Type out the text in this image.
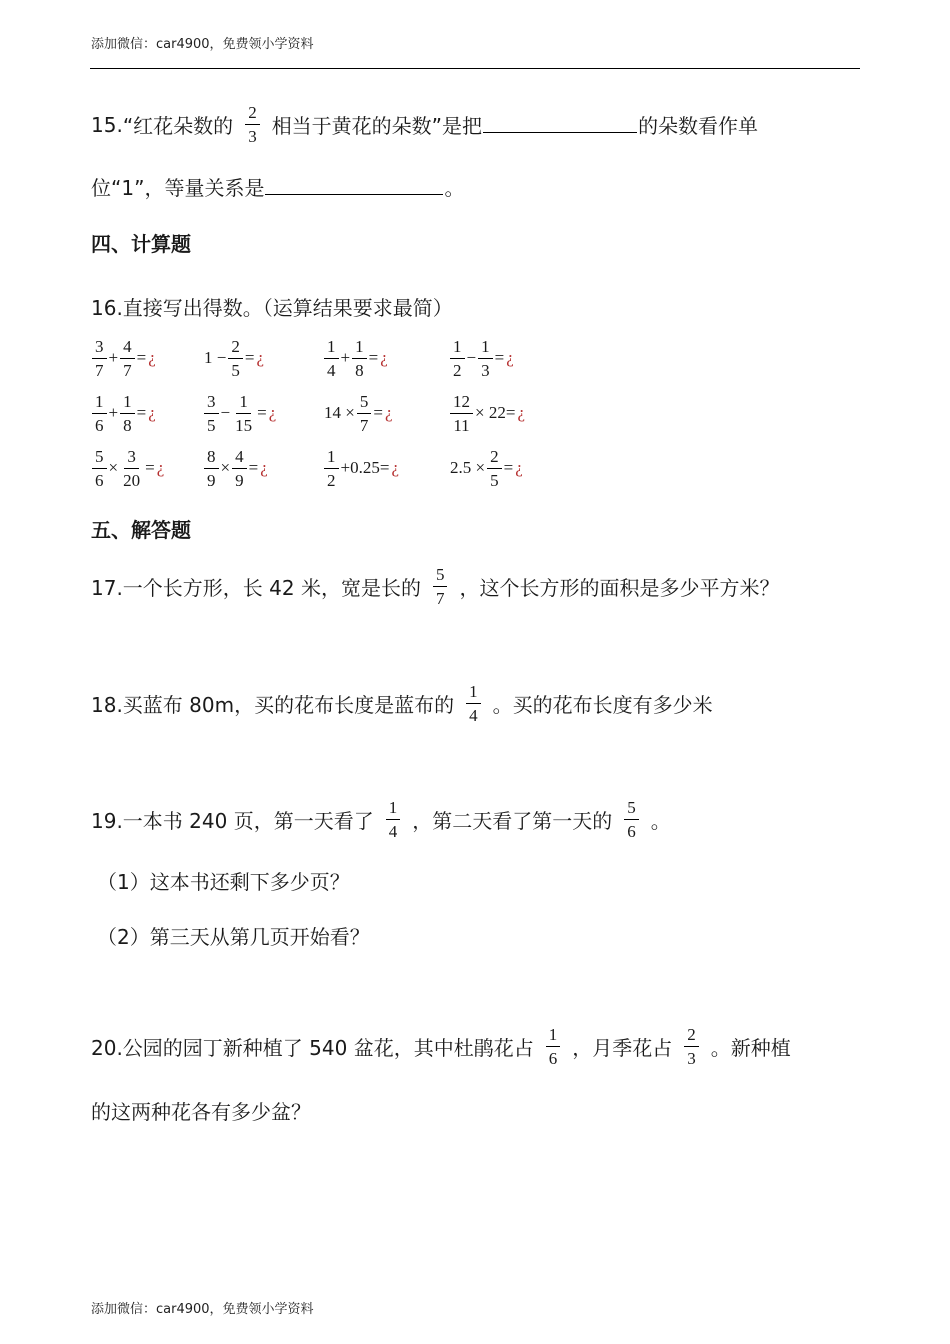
添加微信：car4900，免费领小学资料
15. “红花朵数的 $\frac{2}{3}$ 相当于黄花的朵数”是把	的朵数看作单
位“1”，等量关系是	。
四、计算题
16.直接写出得数。（运算结果要求最简）
$\frac{3}{7} + \frac{4}{7}$ = ¿	$1 - \frac{2}{5}$ = ¿	$\frac{1}{4} + \frac{1}{8}$ = ¿	$\frac{1}{2} - \frac{1}{3}$ = ¿
$\frac{1}{6} + \frac{1}{8}$ = ¿	$\frac{3}{5} - \frac{1}{15}$ = ¿	$14 \times \frac{5}{7}$ = ¿	$\frac{12}{11} \times 22=$ ¿
$\frac{5}{6} \times \frac{3}{20}$ = ¿ $\frac{8}{9} \times \frac{4}{9}$ = ¿	$\frac{1}{2} +0.25=$ ¿	$2.5 \times \frac{2}{5}$ = ¿
五、解答题
17.一个长方形，长 42 米，宽是长的 $\frac{5}{7}$ ，这个长方形的面积是多少平方米？
18.买蓝布 80m，买的花布长度是蓝布的 $\frac{1}{4}$ 。买的花布长度有多少米
19.一本书 240 页，第一天看了 $\frac{1}{4}$ ，第二天看了第一天的 $\frac{5}{6}$ 。
（1）这本书还剩下多少页？
（2）第三天从第几页开始看？
20.公园的园丁新种植了 540 盆花，其中杜鹃花占 $\frac{1}{6}$ ，月季花占 $\frac{2}{3}$ 。新种植
的这两种花各有多少盆？
添加微信：car4900，免费领小学资料
